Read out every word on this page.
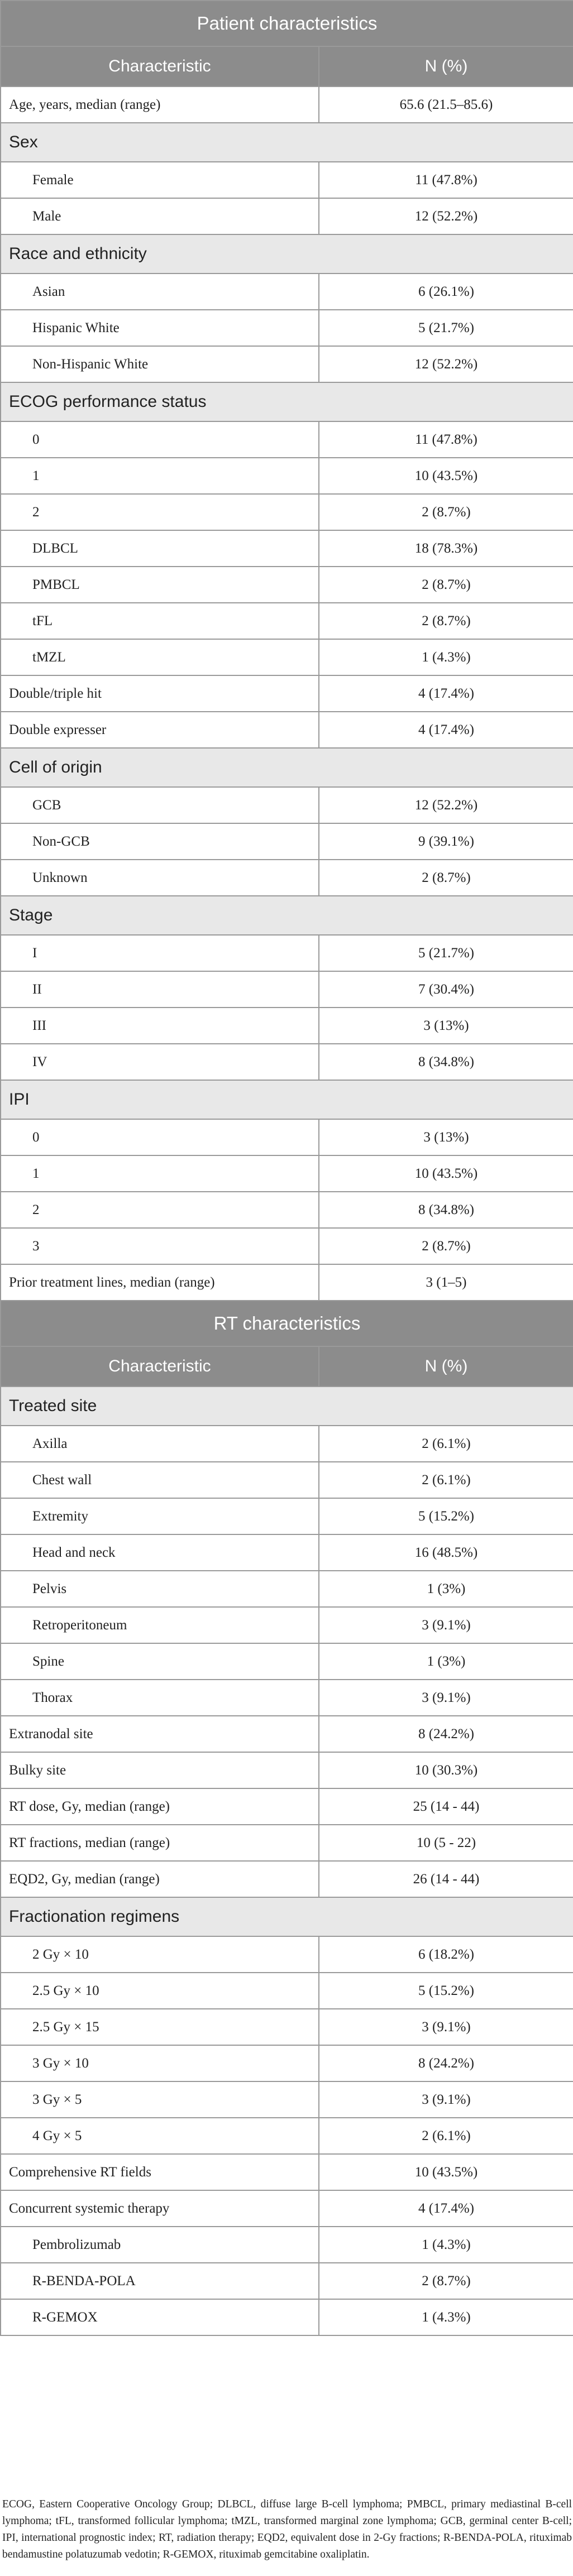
Patient characteristics	
Characteristic	N (%)
Age, years, median (range)	65.6 (21.5–85.6)
Sex	
Female	11 (47.8%)
Male	12 (52.2%)
Race and ethnicity	
Asian	6 (26.1%)
Hispanic White	5 (21.7%)
Non-Hispanic White	12 (52.2%)
ECOG performance status	
0	11 (47.8%)
1	10 (43.5%)
2	2 (8.7%)
DLBCL	18 (78.3%)
PMBCL	2 (8.7%)
tFL	2 (8.7%)
tMZL	1 (4.3%)
Double/triple hit	4 (17.4%)
Double expresser	4 (17.4%)
Cell of origin	
GCB	12 (52.2%)
Non-GCB	9 (39.1%)
Unknown	2 (8.7%)
Stage	
I	5 (21.7%)
II	7 (30.4%)
III	3 (13%)
IV	8 (34.8%)
IPI	
0	3 (13%)
1	10 (43.5%)
2	8 (34.8%)
3	2 (8.7%)
Prior treatment lines, median (range)	3 (1–5)
RT characteristics	
Characteristic	N (%)
Treated site	
Axilla	2 (6.1%)
Chest wall	2 (6.1%)
Extremity	5 (15.2%)
Head and neck	16 (48.5%)
Pelvis	1 (3%)
Retroperitoneum	3 (9.1%)
Spine	1 (3%)
Thorax	3 (9.1%)
Extranodal site	8 (24.2%)
Bulky site	10 (30.3%)
RT dose, Gy, median (range)	25 (14 - 44)
RT fractions, median (range)	10 (5 - 22)
EQD2, Gy, median (range)	26 (14 - 44)
Fractionation regimens	
2 Gy × 10	6 (18.2%)
2.5 Gy × 10	5 (15.2%)
2.5 Gy × 15	3 (9.1%)
3 Gy × 10	8 (24.2%)
3 Gy × 5	3 (9.1%)
4 Gy × 5	2 (6.1%)
Comprehensive RT fields	10 (43.5%)
Concurrent systemic therapy	4 (17.4%)
Pembrolizumab	1 (4.3%)
R-BENDA-POLA	2 (8.7%)
R-GEMOX	1 (4.3%)
ECOG, Eastern Cooperative Oncology Group; DLBCL, diffuse large B-cell lymphoma; PMBCL, primary mediastinal B-cell lymphoma; tFL, transformed follicular lymphoma; tMZL, transformed marginal zone lymphoma; GCB, germinal center B-cell; IPI, international prognostic index; RT, radiation therapy; EQD2, equivalent dose in 2-Gy fractions; R-BENDA-POLA, rituximab bendamustine polatuzumab vedotin; R-GEMOX, rituximab gemcitabine oxaliplatin.
